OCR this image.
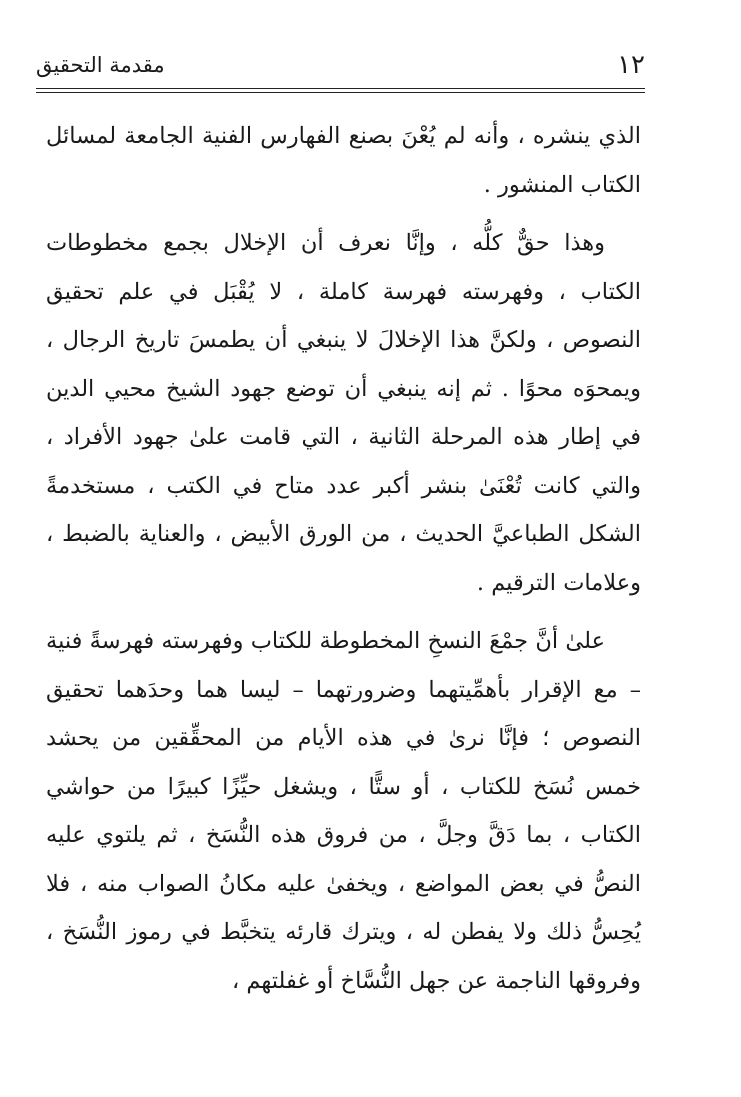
١٢
مقدمة التحقيق

الذي ينشره ، وأنه لم يُعْنَ بصنع الفهارس الفنية الجامعة لمسائل الكتاب المنشور .

وهذا حقٌّ كلُّه ، وإنَّا نعرف أن الإخلال بجمع مخطوطات الكتاب ، وفهرسته فهرسة كاملة ، لا يُقْبَل في علم تحقيق النصوص ، ولكنَّ هذا الإخلالَ لا ينبغي أن يطمسَ تاريخ الرجال ، ويمحوَه محوًا . ثم إنه ينبغي أن توضع جهود الشيخ محيي الدين في إطار هذه المرحلة الثانية ، التي قامت علىٰ جهود الأفراد ، والتي كانت تُعْنَىٰ بنشر أكبر عدد متاح في الكتب ، مستخدمةً الشكل الطباعيَّ الحديث ، من الورق الأبيض ، والعناية بالضبط ، وعلامات الترقيم .

علىٰ أنَّ جمْعَ النسخِ المخطوطة للكتاب وفهرسته فهرسةً فنية – مع الإقرار بأهمِّيتهما وضرورتهما – ليسا هما وحدَهما تحقيق النصوص ؛ فإنَّا نرىٰ في هذه الأيام من المحقِّقين من يحشد خمس نُسَخ للكتاب ، أو ستًّا ، ويشغل حيِّزًا كبيرًا من حواشي الكتاب ، بما دَقَّ وجلَّ ، من فروق هذه النُّسَخ ، ثم يلتوي عليه النصُّ في بعض المواضع ، ويخفىٰ عليه مكانُ الصواب منه ، فلا يُحِسُّ ذلك ولا يفطن له ، ويترك قارئه يتخبَّط في رموز النُّسَخ ، وفروقها الناجمة عن جهل النُّسَّاخ أو غفلتهم ،
